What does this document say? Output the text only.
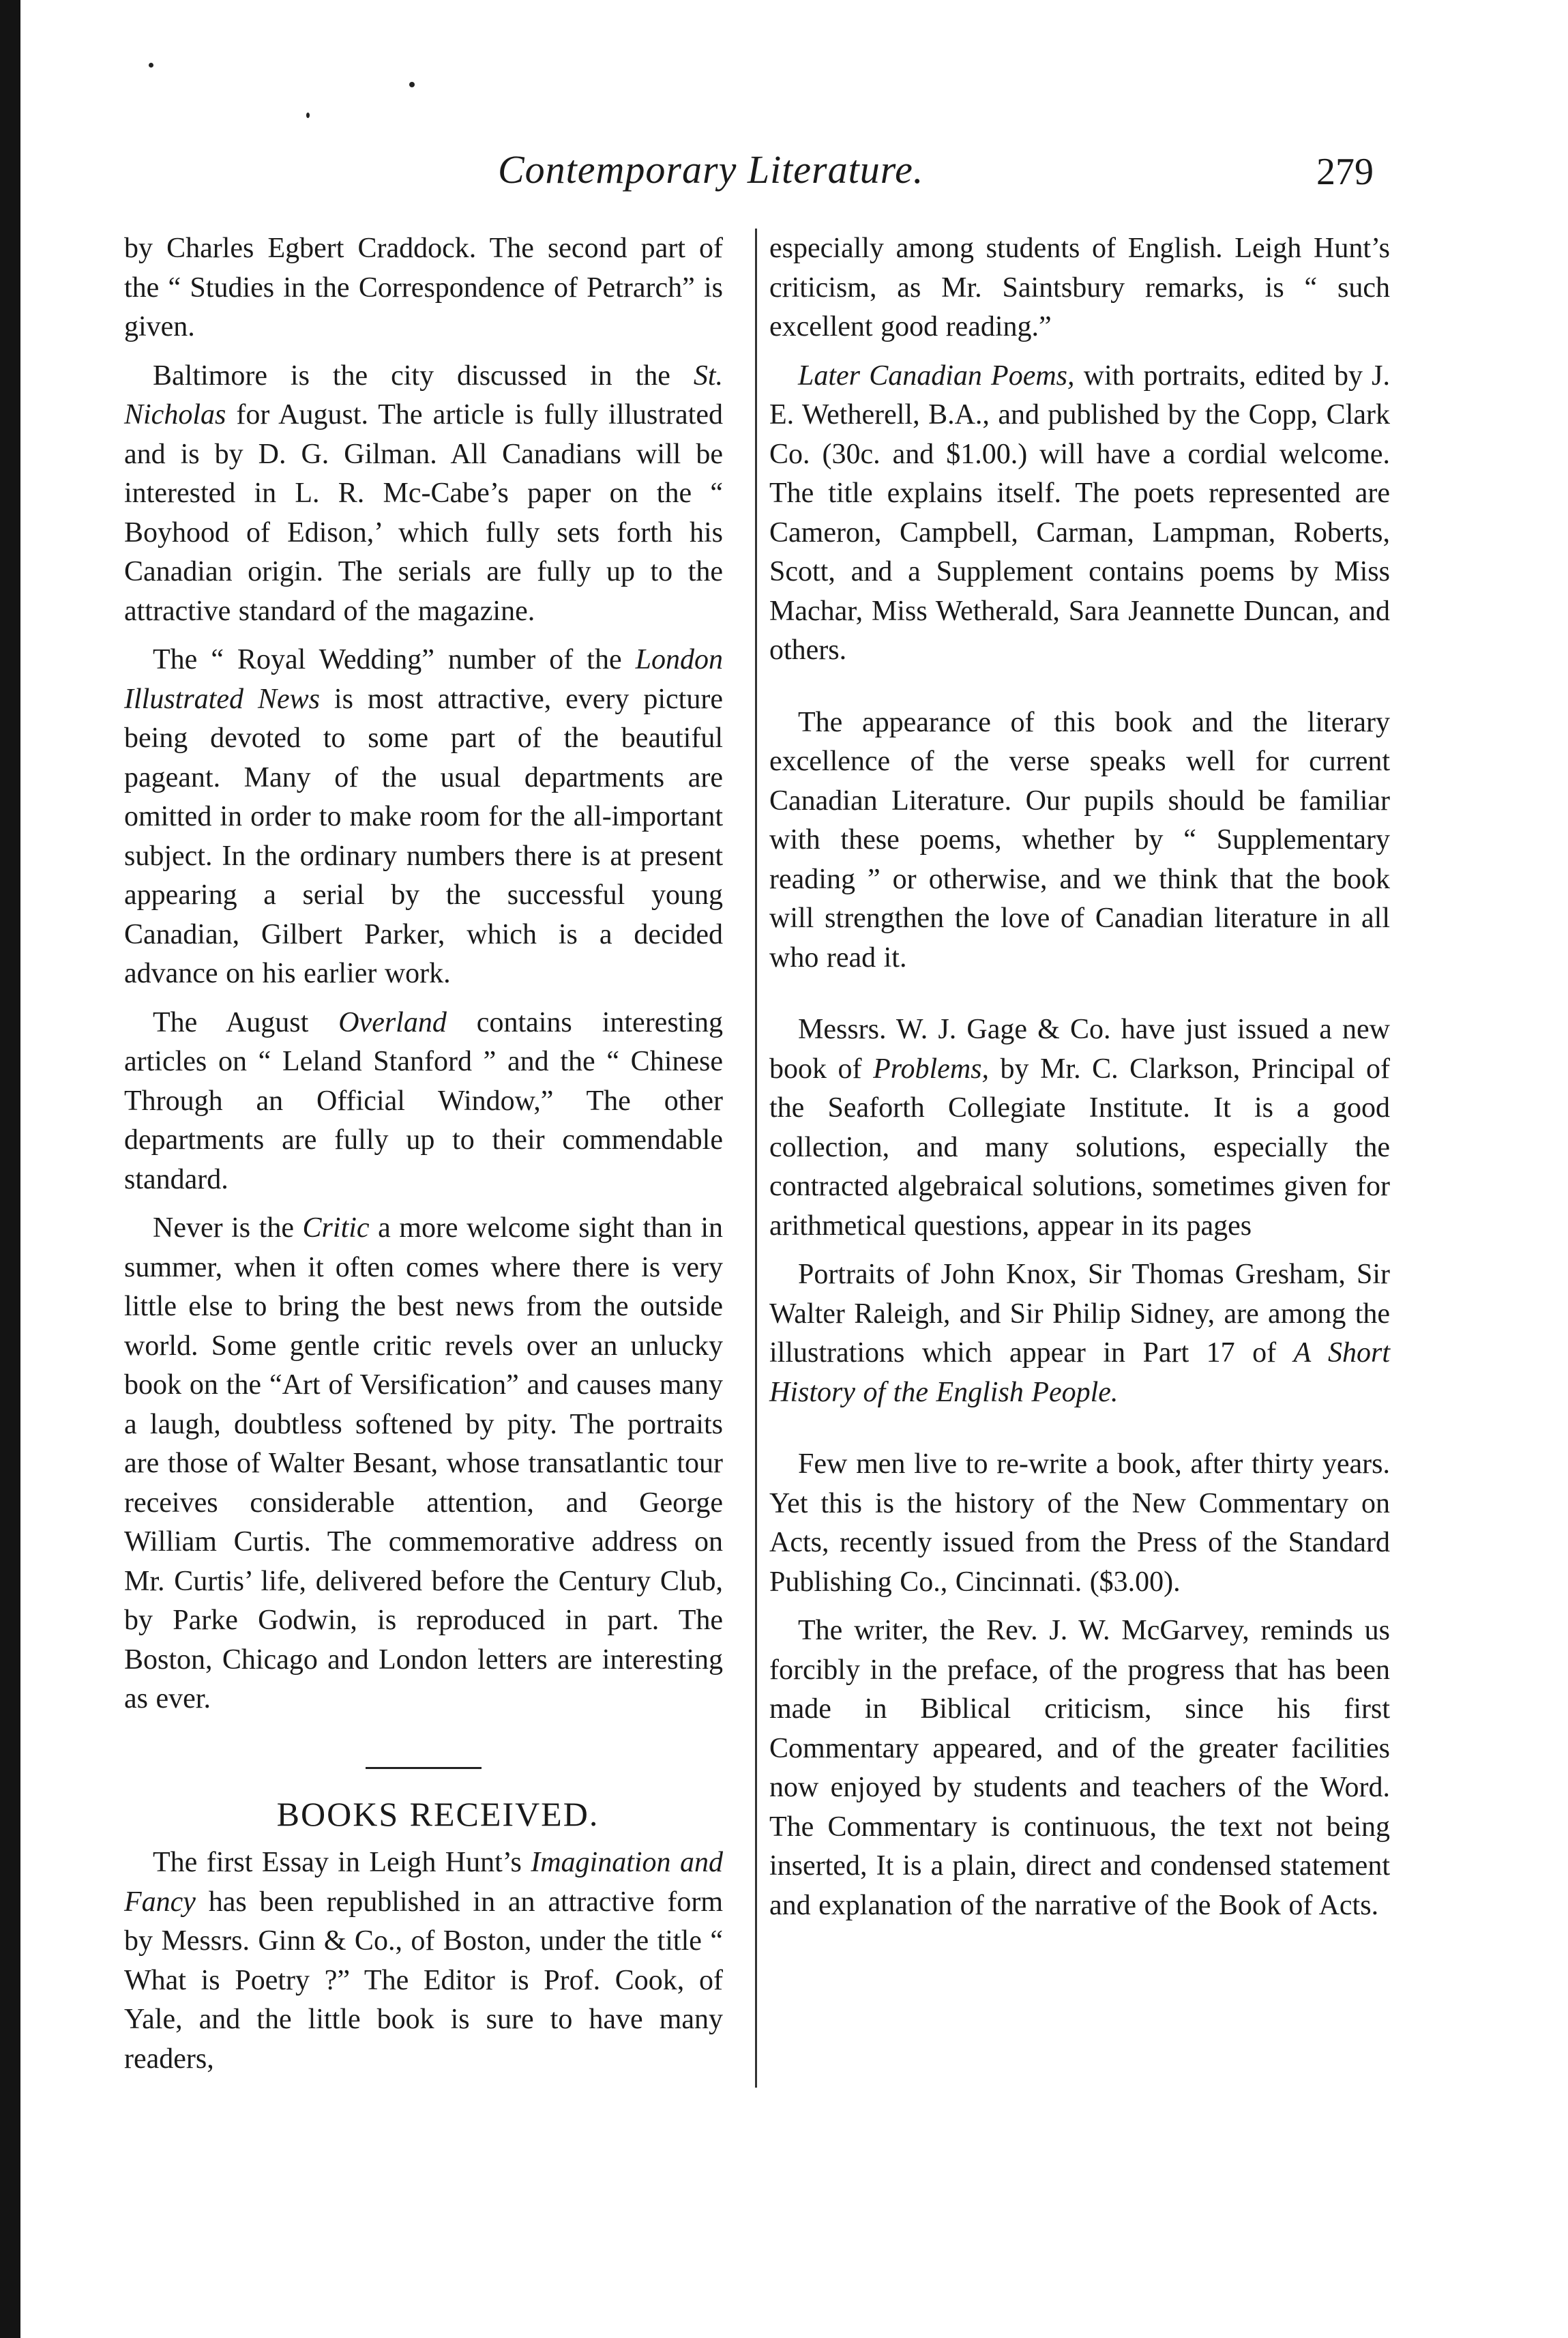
Contemporary Literature.	279

by Charles Egbert Craddock. The second part of the “ Studies in the Correspondence of Petrarch” is given.

Baltimore is the city discussed in the St. Nicholas for August. The article is fully illustrated and is by D. G. Gilman. All Canadians will be interested in L. R. Mc-Cabe’s paper on the “ Boyhood of Edison,’ which fully sets forth his Canadian origin. The serials are fully up to the attractive standard of the magazine.

The “ Royal Wedding” number of the London Illustrated News is most attractive, every picture being devoted to some part of the beautiful pageant. Many of the usual departments are omitted in order to make room for the all-important subject. In the ordinary numbers there is at present appearing a serial by the successful young Canadian, Gilbert Parker, which is a decided advance on his earlier work.

The August Overland contains interesting articles on “ Leland Stanford ” and the “ Chinese Through an Official Window,” The other departments are fully up to their commendable standard.

Never is the Critic a more welcome sight than in summer, when it often comes where there is very little else to bring the best news from the outside world. Some gentle critic revels over an unlucky book on the “Art of Versification” and causes many a laugh, doubtless softened by pity. The portraits are those of Walter Besant, whose transatlantic tour receives considerable attention, and George William Curtis. The commemorative address on Mr. Curtis’ life, delivered before the Century Club, by Parke Godwin, is reproduced in part. The Boston, Chicago and London letters are interesting as ever.

BOOKS RECEIVED.

The first Essay in Leigh Hunt’s Imagination and Fancy has been republished in an attractive form by Messrs. Ginn & Co., of Boston, under the title “ What is Poetry ?” The Editor is Prof. Cook, of Yale, and the little book is sure to have many readers,

especially among students of English. Leigh Hunt’s criticism, as Mr. Saintsbury remarks, is “ such excellent good reading.”

Later Canadian Poems, with portraits, edited by J. E. Wetherell, B.A., and published by the Copp, Clark Co. (30c. and $1.00.) will have a cordial welcome. The title explains itself. The poets represented are Cameron, Campbell, Carman, Lampman, Roberts, Scott, and a Supplement contains poems by Miss Machar, Miss Wetherald, Sara Jeannette Duncan, and others.

The appearance of this book and the literary excellence of the verse speaks well for current Canadian Literature. Our pupils should be familiar with these poems, whether by “ Supplementary reading ” or otherwise, and we think that the book will strengthen the love of Canadian literature in all who read it.

Messrs. W. J. Gage & Co. have just issued a new book of Problems, by Mr. C. Clarkson, Principal of the Seaforth Collegiate Institute. It is a good collection, and many solutions, especially the contracted algebraical solutions, sometimes given for arithmetical questions, appear in its pages

Portraits of John Knox, Sir Thomas Gresham, Sir Walter Raleigh, and Sir Philip Sidney, are among the illustrations which appear in Part 17 of A Short History of the English People.

Few men live to re-write a book, after thirty years. Yet this is the history of the New Commentary on Acts, recently issued from the Press of the Standard Publishing Co., Cincinnati. ($3.00).

The writer, the Rev. J. W. McGarvey, reminds us forcibly in the preface, of the progress that has been made in Biblical criticism, since his first Commentary appeared, and of the greater facilities now enjoyed by students and teachers of the Word. The Commentary is continuous, the text not being inserted, It is a plain, direct and condensed statement and explanation of the narrative of the Book of Acts.
